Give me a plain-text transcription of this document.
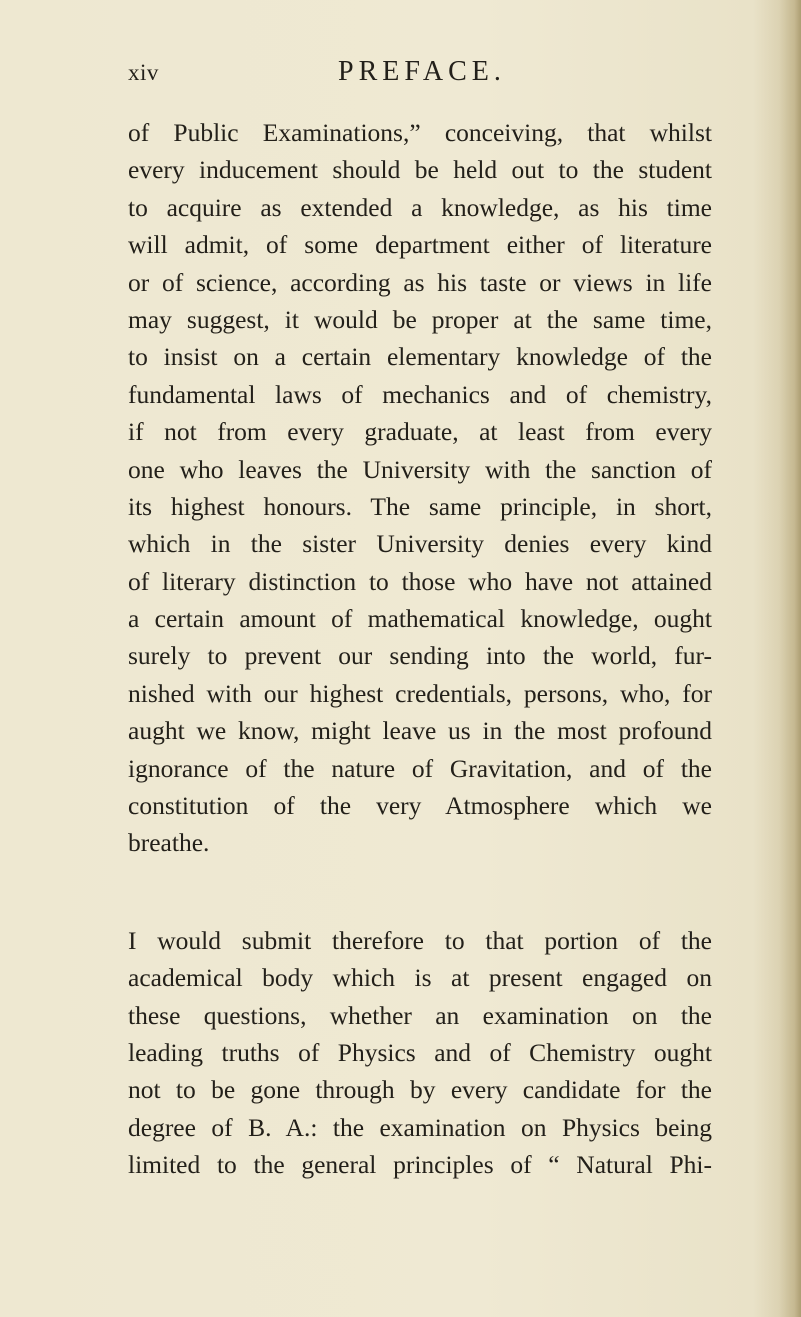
xiv	PREFACE.
of Public Examinations,” conceiving, that whilst
every inducement should be held out to the student
to acquire as extended a knowledge, as his time
will admit, of some department either of literature
or of science, according as his taste or views in life
may suggest, it would be proper at the same time,
to insist on a certain elementary knowledge of the
fundamental laws of mechanics and of chemistry,
if not from every graduate, at least from every
one who leaves the University with the sanction of
its highest honours. The same principle, in short,
which in the sister University denies every kind
of literary distinction to those who have not attained
a certain amount of mathematical knowledge, ought
surely to prevent our sending into the world, fur-
nished with our highest credentials, persons, who, for
aught we know, might leave us in the most profound
ignorance of the nature of Gravitation, and of the
constitution of the very Atmosphere which we
breathe.
I would submit therefore to that portion of the
academical body which is at present engaged on
these questions, whether an examination on the
leading truths of Physics and of Chemistry ought
not to be gone through by every candidate for the
degree of B. A.: the examination on Physics being
limited to the general principles of “ Natural Phi-
